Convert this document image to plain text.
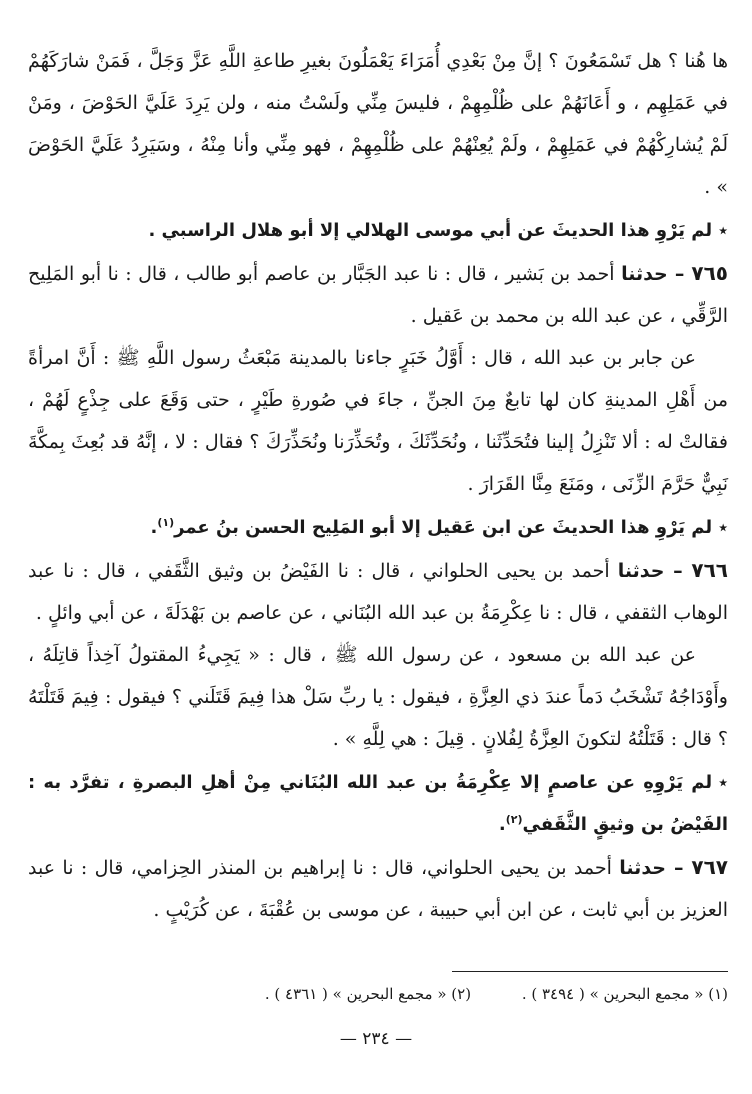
ها هُنا ؟ هل تَسْمَعُونَ ؟ إنَّ مِنْ بَعْدِي أُمَرَاءَ يَعْمَلُونَ بغيرِ طاعةِ اللَّهِ عَزَّ وَجَلَّ ، فَمَنْ شارَكَهُمْ في عَمَلِهِم ، و أَعَانَهُمْ على ظُلْمِهِمْ ، فليسَ مِنِّي ولَسْتُ منه ، ولن يَرِدَ عَلَيَّ الحَوْضَ ، ومَنْ لَمْ يُشارِكْهُمْ في عَمَلِهِمْ ، ولَمْ يُعِنْهُمْ على ظُلْمِهِمْ ، فهو مِنِّي وأنا مِنْهُ ، وسَيَرِدُ عَلَيَّ الحَوْضَ » .

٭لم يَرْوِ هذا الحديثَ عن أبي موسى الهلالي إلا أبو هلال الراسبي .

٧٦٥ – حدثنا أحمد بن بَشير ، قال : نا عبد الجَبَّار بن عاصم أبو طالب ، قال : نا أبو المَلِيح الرَّقِّي ، عن عبد الله بن محمد بن عَقيل .

عن جابر بن عبد الله ، قال : أَوَّلُ خَبَرٍ جاءنا بالمدينة مَبْعَثُ رسول اللَّهِ ﷺ : أَنَّ امرأةً من أَهْلِ المدينةِ كان لها تابعٌ مِنَ الجنِّ ، جاءَ في صُورةِ طَيْرٍ ، حتى وَقَعَ على جِذْعٍ لَهُمْ ، فقالتْ له : ألا تَنْزِلُ إلينا فتُحَدِّثَنا ، ونُحَدِّثَكَ ، وتُحَذِّرَنا ونُحَذِّرَكَ ؟ فقال : لا ، إنَّهُ قد بُعِثَ بِمكَّةَ نَبِيٌّ حَرَّمَ الزِّنَى ، ومَنَعَ مِنَّا القَرَارَ .

٭لم يَرْوِ هذا الحديثَ عن ابن عَقيل إلا أبو المَلِيح الحسن بنُ عمر$^{(١)}$.

٧٦٦ – حدثنا أحمد بن يحيى الحلواني ، قال : نا الفَيْضُ بن وثيق الثَّقَفي ، قال : نا عبد الوهاب الثقفي ، قال : نا عِكْرِمَةُ بن عبد الله البُنَاني ، عن عاصم بن بَهْدَلَةَ ، عن أبي وائلٍ .

عن عبد الله بن مسعود ، عن رسول الله ﷺ ، قال : « يَجِيءُ المقتولُ آخِذاً قاتِلَهُ ، وأَوْدَاجُهُ تَشْخَبُ دَماً عندَ ذي العِزَّةِ ، فيقول : يا ربِّ سَلْ هذا فِيمَ قَتَلَني ؟ فيقول : فِيمَ قَتَلْتَهُ ؟ قال : قَتَلْتُهُ لتكونَ العِزَّةُ لِفُلانٍ . قِيلَ : هي لِلَّهِ » .

٭لم يَرْوِهِ عن عاصمٍ إلا عِكْرِمَةُ بن عبد الله البُنَاني مِنْ أهلِ البصرةِ ، تفرَّد به : الفَيْضُ بن وثيقٍ الثَّقَفي$^{(٢)}$.

٧٦٧ – حدثنا أحمد بن يحيى الحلواني، قال : نا إبراهيم بن المنذر الحِزامي، قال : نا عبد العزيز بن أبي ثابت ، عن ابن أبي حبيبة ، عن موسى بن عُقْبَةَ ، عن كُرَيْبٍ .

(١) « مجمع البحرين » ( ٣٤٩٤ ) . (٢) « مجمع البحرين » ( ٤٣٦١ ) .
— ٢٣٤ —
